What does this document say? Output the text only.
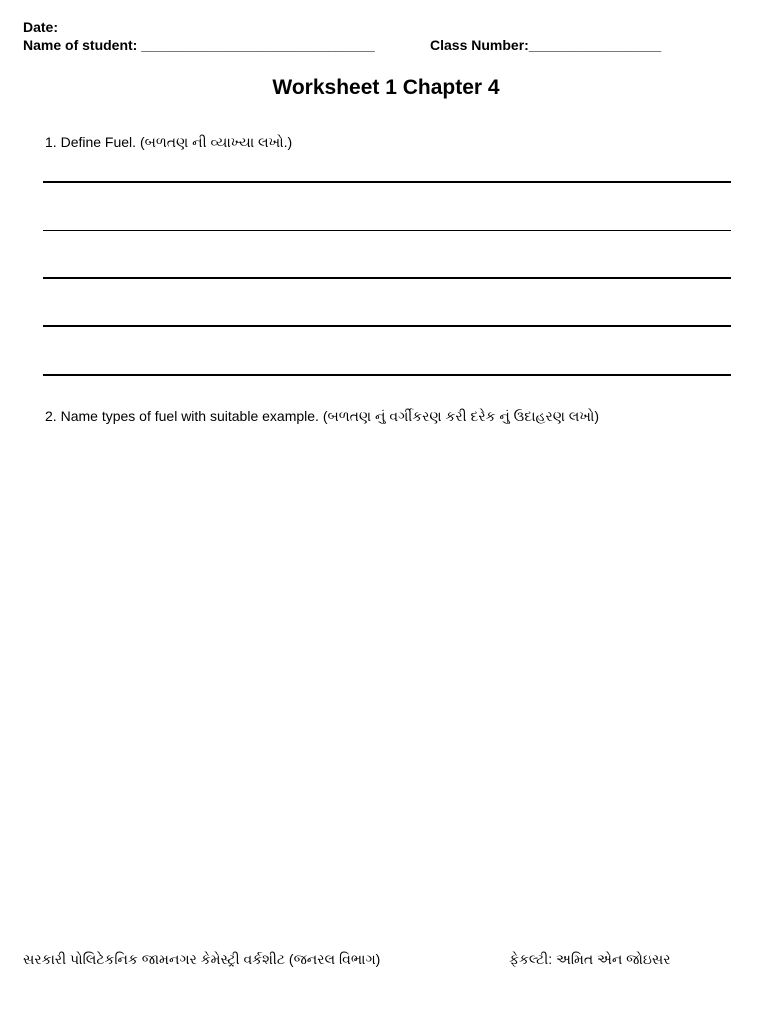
Date:
Name of student: ______________________________	Class Number:_________________
Worksheet 1 Chapter 4
1. Define Fuel. (બળતણ ની વ્યાખ્યા લખો.)
2. Name types of fuel with suitable example. (બળતણ નું વર્ગીકરણ કરી દરેક નું ઉદાહરણ લખો)
સરકારી પોલિટેકનિક જામનગર કેમેસ્ટ્રી વર્કશીટ (જનરલ વિભાગ)	ફેકલ્ટી: અમિત એન જોઇસર
